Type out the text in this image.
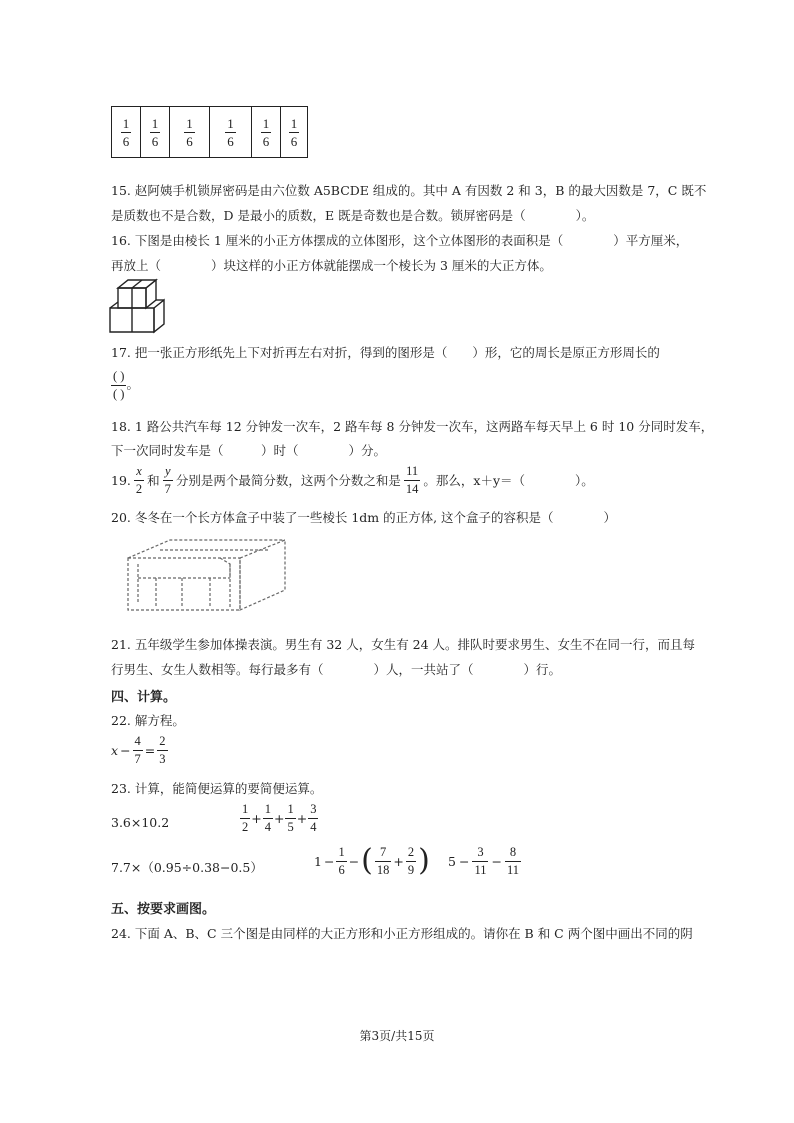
$\frac{1}{6} \frac{1}{6} \frac{1}{6} \frac{1}{6} \frac{1}{6} \frac{1}{6}$
15. 赵阿姨手机锁屏密码是由六位数 A5BCDE 组成的。其中 A 有因数 2 和 3，B 的最大因数是 7，C 既不
是质数也不是合数，D 是最小的质数，E 既是奇数也是合数。锁屏密码是（　　　　）。
16. 下图是由棱长 1 厘米的小正方体摆成的立体图形，这个立体图形的表面积是（　　　　）平方厘米，
再放上（　　　　）块这样的小正方体就能摆成一个棱长为 3 厘米的大正方体。
17. 把一张正方形纸先上下对折再左右对折，得到的图形是（　　）形，它的周长是原正方形周长的
$\frac{( )}{( )}$ 。
18. 1 路公共汽车每 12 分钟发一次车，2 路车每 8 分钟发一次车，这两路车每天早上 6 时 10 分同时发车，
下一次同时发车是（　　　）时（　　　　）分。
19. $\frac{x}{2}$ 和 $\frac{y}{7}$ 分别是两个最简分数，这两个分数之和是 $\frac{11}{14}$ 。那么，x＋y＝（　　　　）。
20. 冬冬在一个长方体盒子中装了一些棱长 1dm 的正方体, 这个盒子的容积是（　　　　）
21. 五年级学生参加体操表演。男生有 32 人，女生有 24 人。排队时要求男生、女生不在同一行，而且每
行男生、女生人数相等。每行最多有（　　　　）人，一共站了（　　　　）行。
四、计算。
22. 解方程。
$x - \frac{4}{7} = \frac{2}{3}$
23. 计算，能简便运算的要简便运算。
3.6×10.2	$\frac{1}{2} + \frac{1}{4} + \frac{1}{5} + \frac{3}{4}$
7.7×（0.95÷0.38−0.5）	$1 - \frac{1}{6}$ − ( $\frac{7}{18} + \frac{2}{9}$ ) $5 - \frac{3}{11} - \frac{8}{11}$
五、按要求画图。
24. 下面 A、B、C 三个图是由同样的大正方形和小正方形组成的。请你在 B 和 C 两个图中画出不同的阴
第3页/共15页
